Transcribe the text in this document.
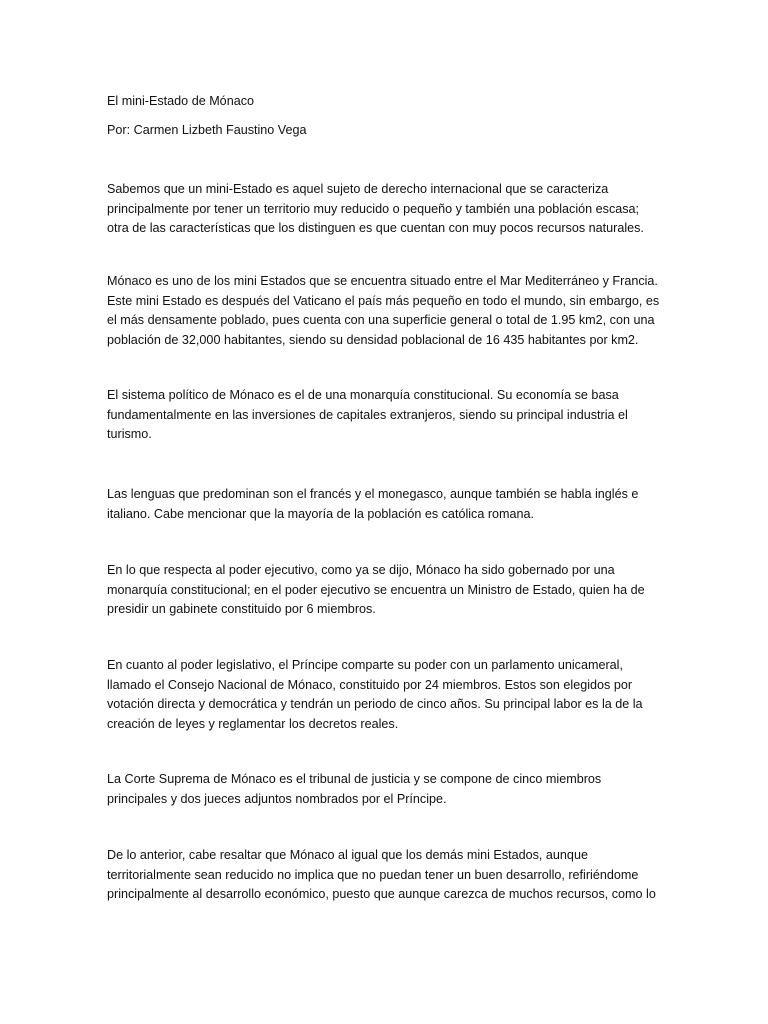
El mini-Estado de Mónaco
Por: Carmen Lizbeth Faustino Vega
Sabemos que un mini-Estado es aquel sujeto de derecho internacional que se caracteriza
principalmente por tener un territorio muy reducido o pequeño y también una población escasa;
otra de las características que los distinguen es que cuentan con muy pocos recursos naturales.
Mónaco es uno de los mini Estados que se encuentra situado entre el Mar Mediterráneo y Francia.
Este mini Estado es después del Vaticano el país más pequeño en todo el mundo, sin embargo, es
el más densamente poblado, pues cuenta con una superficie general o total de 1.95 km2, con una
población de 32,000 habitantes, siendo su densidad poblacional de 16 435 habitantes por km2.
El sistema político de Mónaco es el de una monarquía constitucional. Su economía se basa
fundamentalmente en las inversiones de capitales extranjeros, siendo su principal industria el
turismo.
Las lenguas que predominan son el francés y el monegasco, aunque también se habla inglés e
italiano. Cabe mencionar que la mayoría de la población es católica romana.
En lo que respecta al poder ejecutivo, como ya se dijo, Mónaco ha sido gobernado por una
monarquía constitucional; en el poder ejecutivo se encuentra un Ministro de Estado, quien ha de
presidir un gabinete constituido por 6 miembros.
En cuanto al poder legislativo, el Príncipe comparte su poder con un parlamento unicameral,
llamado el Consejo Nacional de Mónaco, constituido por 24 miembros. Estos son elegidos por
votación directa y democrática y tendrán un periodo de cinco años. Su principal labor es la de la
creación de leyes y reglamentar los decretos reales.
La Corte Suprema de Mónaco es el tribunal de justicia y se compone de cinco miembros
principales y dos jueces adjuntos nombrados por el Príncipe.
De lo anterior, cabe resaltar que Mónaco al igual que los demás mini Estados, aunque
territorialmente sean reducido no implica que no puedan tener un buen desarrollo, refiriéndome
principalmente al desarrollo económico, puesto que aunque carezca de muchos recursos, como lo
